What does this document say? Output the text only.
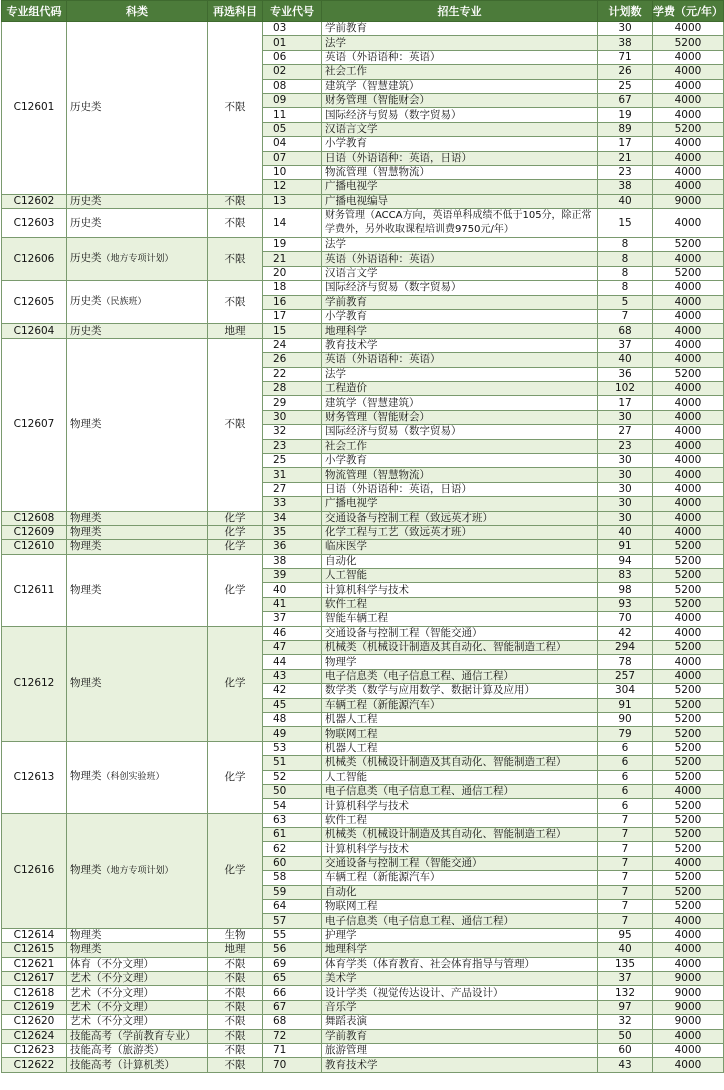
专业组代码	科类	再选科目	专业代号	招生专业	计划数	学费（元/年）
C12601	历史类	不限	03	学前教育	30	4000
			01	法学	38	5200
			06	英语（外语语种：英语）	71	4000
			02	社会工作	26	4000
			08	建筑学（智慧建筑）	25	4000
			09	财务管理（智能财会）	67	4000
			11	国际经济与贸易（数字贸易）	19	4000
			05	汉语言文学	89	5200
			04	小学教育	17	4000
			07	日语（外语语种：英语，日语）	21	4000
			10	物流管理（智慧物流）	23	4000
			12	广播电视学	38	4000
C12602	历史类	不限	13	广播电视编导	40	9000
C12603	历史类	不限	14	财务管理（ACCA方向，英语单科成绩不低于105分，除正常学费外，另外收取课程培训费9750元/年）	15	4000
C12606	历史类（地方专项计划）	不限	19	法学	8	5200
			21	英语（外语语种：英语）	8	4000
			20	汉语言文学	8	5200
C12605	历史类（民族班）	不限	18	国际经济与贸易（数字贸易）	8	4000
			16	学前教育	5	4000
			17	小学教育	7	4000
C12604	历史类	地理	15	地理科学	68	4000
C12607	物理类	不限	24	教育技术学	37	4000
			26	英语（外语语种：英语）	40	4000
			22	法学	36	5200
			28	工程造价	102	4000
			29	建筑学（智慧建筑）	17	4000
			30	财务管理（智能财会）	30	4000
			32	国际经济与贸易（数字贸易）	27	4000
			23	社会工作	23	4000
			25	小学教育	30	4000
			31	物流管理（智慧物流）	30	4000
			27	日语（外语语种：英语，日语）	30	4000
			33	广播电视学	30	4000
C12608	物理类	化学	34	交通设备与控制工程（致远英才班）	30	4000
C12609	物理类	化学	35	化学工程与工艺（致远英才班）	40	4000
C12610	物理类	化学	36	临床医学	91	5200
C12611	物理类	化学	38	自动化	94	5200
			39	人工智能	83	5200
			40	计算机科学与技术	98	5200
			41	软件工程	93	5200
			37	智能车辆工程	70	4000
C12612	物理类	化学	46	交通设备与控制工程（智能交通）	42	4000
			47	机械类（机械设计制造及其自动化、智能制造工程）	294	5200
			44	物理学	78	4000
			43	电子信息类（电子信息工程、通信工程）	257	4000
			42	数学类（数学与应用数学、数据计算及应用）	304	5200
			45	车辆工程（新能源汽车）	91	5200
			48	机器人工程	90	5200
			49	物联网工程	79	5200
C12613	物理类（科创实验班）	化学	53	机器人工程	6	5200
			51	机械类（机械设计制造及其自动化、智能制造工程）	6	5200
			52	人工智能	6	5200
			50	电子信息类（电子信息工程、通信工程）	6	4000
			54	计算机科学与技术	6	5200
C12616	物理类（地方专项计划）	化学	63	软件工程	7	5200
			61	机械类（机械设计制造及其自动化、智能制造工程）	7	5200
			62	计算机科学与技术	7	5200
			60	交通设备与控制工程（智能交通）	7	4000
			58	车辆工程（新能源汽车）	7	5200
			59	自动化	7	5200
			64	物联网工程	7	5200
			57	电子信息类（电子信息工程、通信工程）	7	4000
C12614	物理类	生物	55	护理学	95	4000
C12615	物理类	地理	56	地理科学	40	4000
C12621	体育（不分文理）	不限	69	体育学类（体育教育、社会体育指导与管理）	135	4000
C12617	艺术（不分文理）	不限	65	美术学	37	9000
C12618	艺术（不分文理）	不限	66	设计学类（视觉传达设计、产品设计）	132	9000
C12619	艺术（不分文理）	不限	67	音乐学	97	9000
C12620	艺术（不分文理）	不限	68	舞蹈表演	32	9000
C12624	技能高考（学前教育专业）	不限	72	学前教育	50	4000
C12623	技能高考（旅游类）	不限	71	旅游管理	60	4000
C12622	技能高考（计算机类）	不限	70	教育技术学	43	4000
